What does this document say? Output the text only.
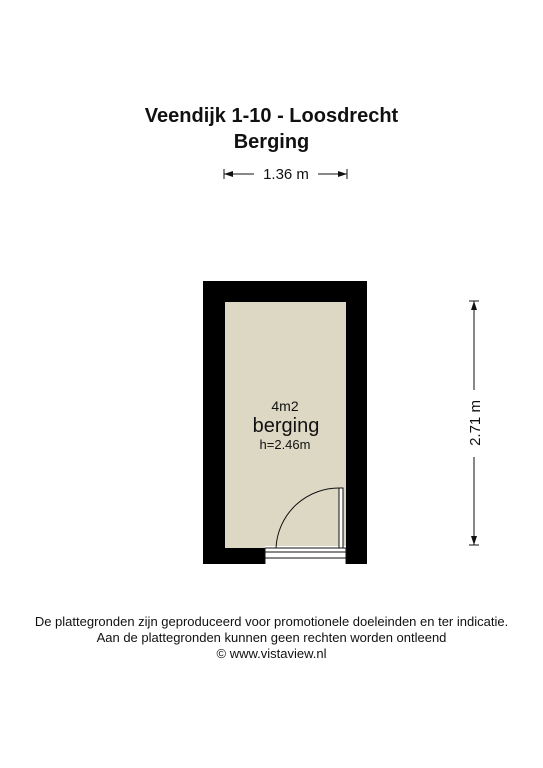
Veendijk 1-10 - Loosdrecht
Berging
1.36 m
2.71 m
4m2
berging
h=2.46m
De plattegronden zijn geproduceerd voor promotionele doeleinden en ter indicatie.
Aan de plattegronden kunnen geen rechten worden ontleend
© www.vistaview.nl
